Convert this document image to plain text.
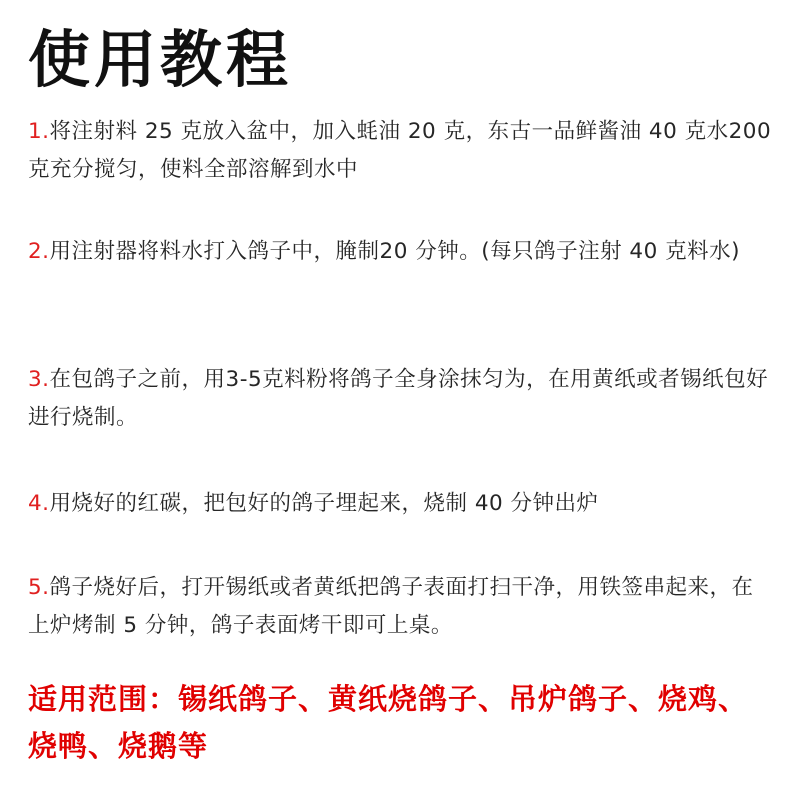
使用教程
1.将注射料 25 克放入盆中，加入蚝油 20 克，东古一品鲜酱油 40 克水200 克充分搅匀，使料全部溶解到水中
2.用注射器将料水打入鸽子中，腌制20 分钟。(每只鸽子注射 40 克料水)
3.在包鸽子之前，用3-5克料粉将鸽子全身涂抹匀为，在用黄纸或者锡纸包好进行烧制。
4.用烧好的红碳，把包好的鸽子埋起来，烧制 40 分钟出炉
5.鸽子烧好后，打开锡纸或者黄纸把鸽子表面打扫干净，用铁签串起来，在上炉烤制 5 分钟，鸽子表面烤干即可上桌。
适用范围：锡纸鸽子、黄纸烧鸽子、吊炉鸽子、烧鸡、烧鸭、烧鹅等
